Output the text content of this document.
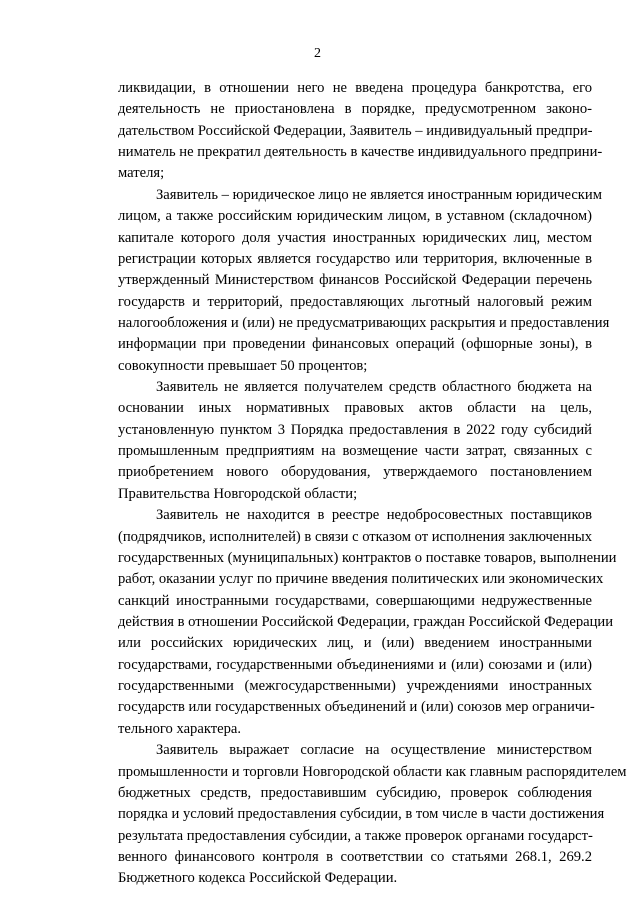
2
ликвидации, в отношении него не введена процедура банкротства, его
деятельность не приостановлена в порядке, предусмотренном законо-
дательством Российской Федерации, Заявитель – индивидуальный предпри-
ниматель не прекратил деятельность в качестве индивидуального предприни-
мателя;
Заявитель – юридическое лицо не является иностранным юридическим
лицом, а также российским юридическим лицом, в уставном (складочном)
капитале которого доля участия иностранных юридических лиц, местом
регистрации которых является государство или территория, включенные в
утвержденный Министерством финансов Российской Федерации перечень
государств и территорий, предоставляющих льготный налоговый режим
налогообложения и (или) не предусматривающих раскрытия и предоставления
информации при проведении финансовых операций (офшорные зоны), в
совокупности превышает 50 процентов;
Заявитель не является получателем средств областного бюджета на
основании иных нормативных правовых актов области на цель,
установленную пунктом 3 Порядка предоставления в 2022 году субсидий
промышленным предприятиям на возмещение части затрат, связанных с
приобретением нового оборудования, утверждаемого постановлением
Правительства Новгородской области;
Заявитель не находится в реестре недобросовестных поставщиков
(подрядчиков, исполнителей) в связи с отказом от исполнения заключенных
государственных (муниципальных) контрактов о поставке товаров, выполнении
работ, оказании услуг по причине введения политических или экономических
санкций иностранными государствами, совершающими недружественные
действия в отношении Российской Федерации, граждан Российской Федерации
или российских юридических лиц, и (или) введением иностранными
государствами, государственными объединениями и (или) союзами и (или)
государственными (межгосударственными) учреждениями иностранных
государств или государственных объединений и (или) союзов мер ограничи-
тельного характера.
Заявитель выражает согласие на осуществление министерством
промышленности и торговли Новгородской области как главным распорядителем
бюджетных средств, предоставившим субсидию, проверок соблюдения
порядка и условий предоставления субсидии, в том числе в части достижения
результата предоставления субсидии, а также проверок органами государст-
венного финансового контроля в соответствии со статьями 268.1, 269.2
Бюджетного кодекса Российской Федерации.
